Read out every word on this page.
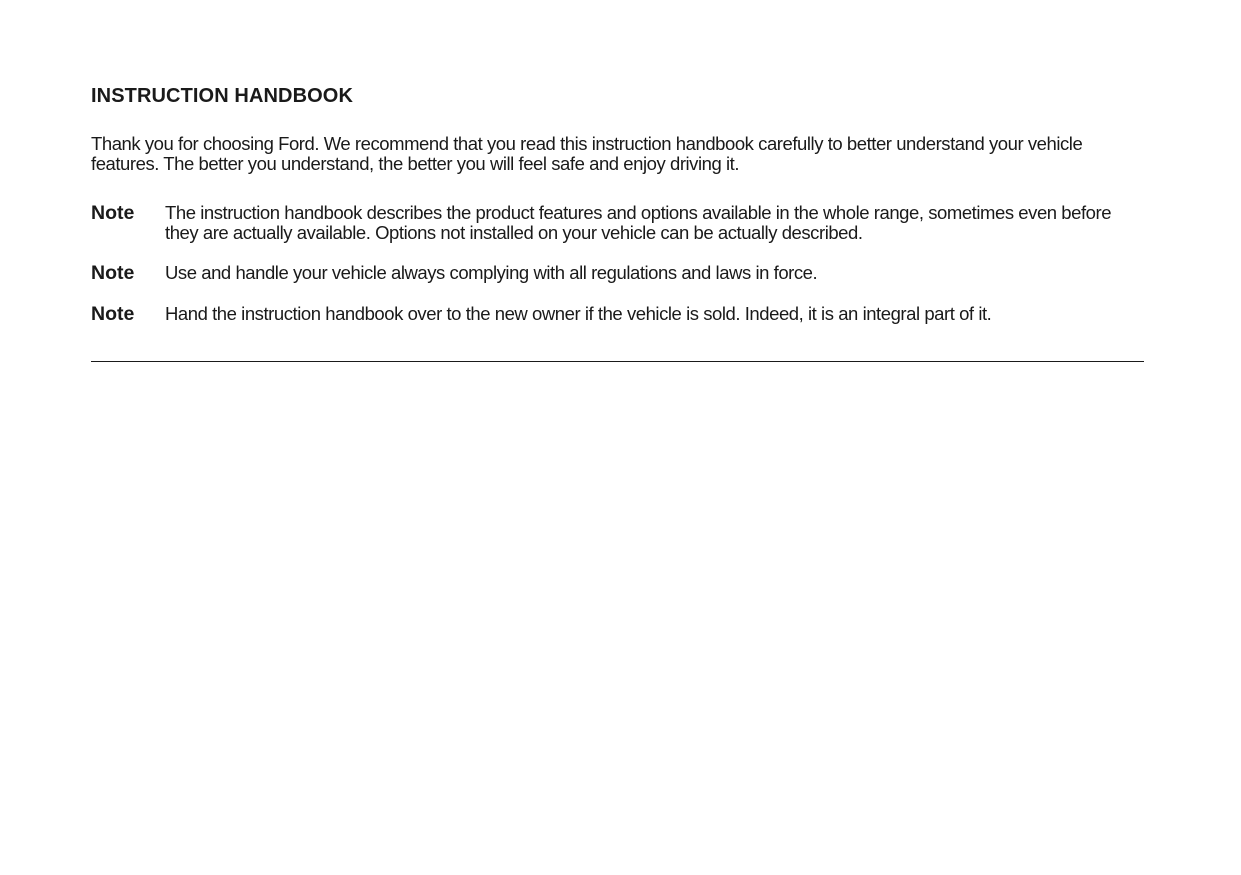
INSTRUCTION HANDBOOK

Thank you for choosing Ford. We recommend that you read this instruction handbook carefully to better understand your vehicle features. The better you understand, the better you will feel safe and enjoy driving it.

Note	The instruction handbook describes the product features and options available in the whole range, sometimes even before they are actually available. Options not installed on your vehicle can be actually described.
Note	Use and handle your vehicle always complying with all regulations and laws in force.
Note	Hand the instruction handbook over to the new owner if the vehicle is sold. Indeed, it is an integral part of it.
